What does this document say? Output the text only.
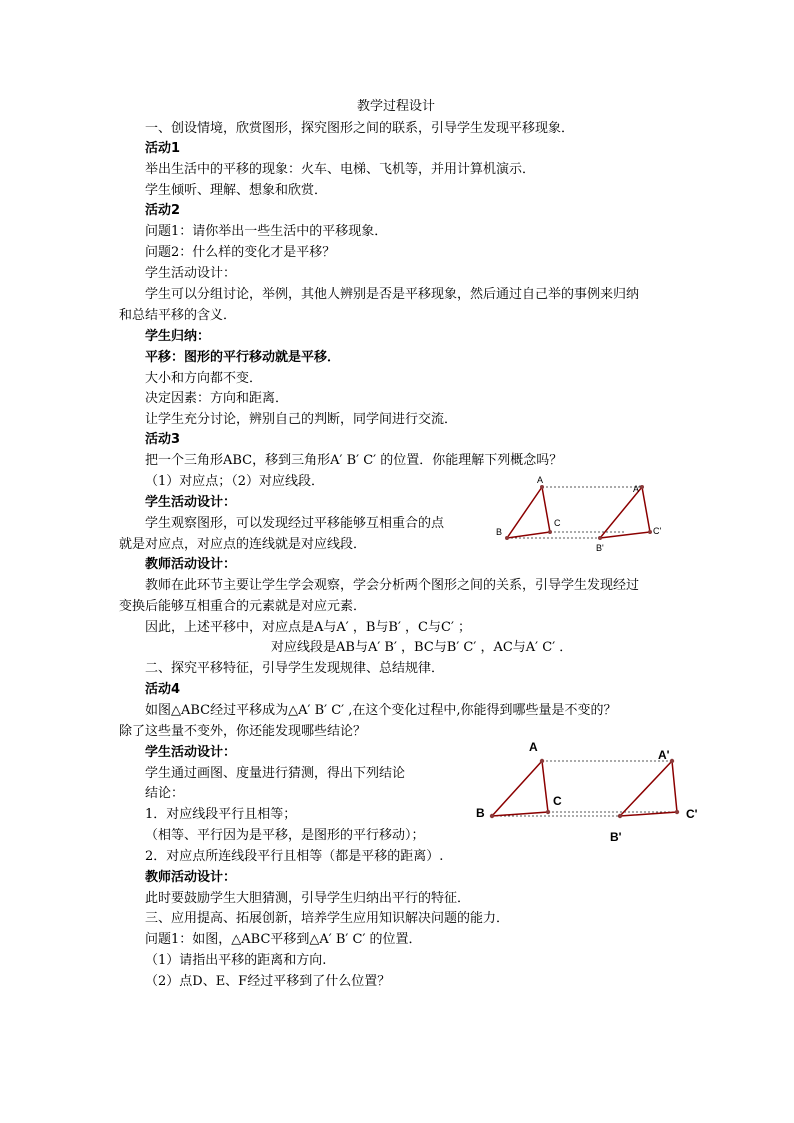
教学过程设计
一、创设情境，欣赏图形，探究图形之间的联系，引导学生发现平移现象．
活动1
举出生活中的平移的现象：火车、电梯、飞机等，并用计算机演示．
学生倾听、理解、想象和欣赏．
活动2
问题1：请你举出一些生活中的平移现象．
问题2：什么样的变化才是平移？
学生活动设计：
学生可以分组讨论，举例，其他人辨别是否是平移现象，然后通过自己举的事例来归纳
和总结平移的含义．
学生归纳：
平移：图形的平行移动就是平移．
大小和方向都不变．
决定因素：方向和距离．
让学生充分讨论，辨别自己的判断，同学间进行交流．
活动3
把一个三角形ABC，移到三角形A′ B′ C′ 的位置．你能理解下列概念吗？
（1）对应点；（2）对应线段．
学生活动设计：
学生观察图形，可以发现经过平移能够互相重合的点
就是对应点，对应点的连线就是对应线段．
教师活动设计：
教师在此环节主要让学生学会观察，学会分析两个图形之间的关系，引导学生发现经过
变换后能够互相重合的元素就是对应元素．
因此，上述平移中，对应点是A与A′ ，B与B′ ，C与C′ ；
对应线段是AB与A′ B′ ，BC与B′ C′ ，AC与A′ C′ ．
二、探究平移特征，引导学生发现规律、总结规律．
活动4
如图△ABC经过平移成为△A′ B′ C′ ,在这个变化过程中,你能得到哪些量是不变的？
除了这些量不变外，你还能发现哪些结论？
学生活动设计：
学生通过画图、度量进行猜测，得出下列结论
结论：
1．对应线段平行且相等；
（相等、平行因为是平移，是图形的平行移动）；
2．对应点所连线段平行且相等（都是平移的距离）.
教师活动设计：
此时要鼓励学生大胆猜测，引导学生归纳出平行的特征．
三、应用提高、拓展创新，培养学生应用知识解决问题的能力．
问题1：如图，△ABC平移到△A′ B′ C′ 的位置．
（1）请指出平移的距离和方向.
（2）点D、E、F经过平移到了什么位置？
A
B
C
A'
B'
C'
A
B
C
A'
B'
C'
